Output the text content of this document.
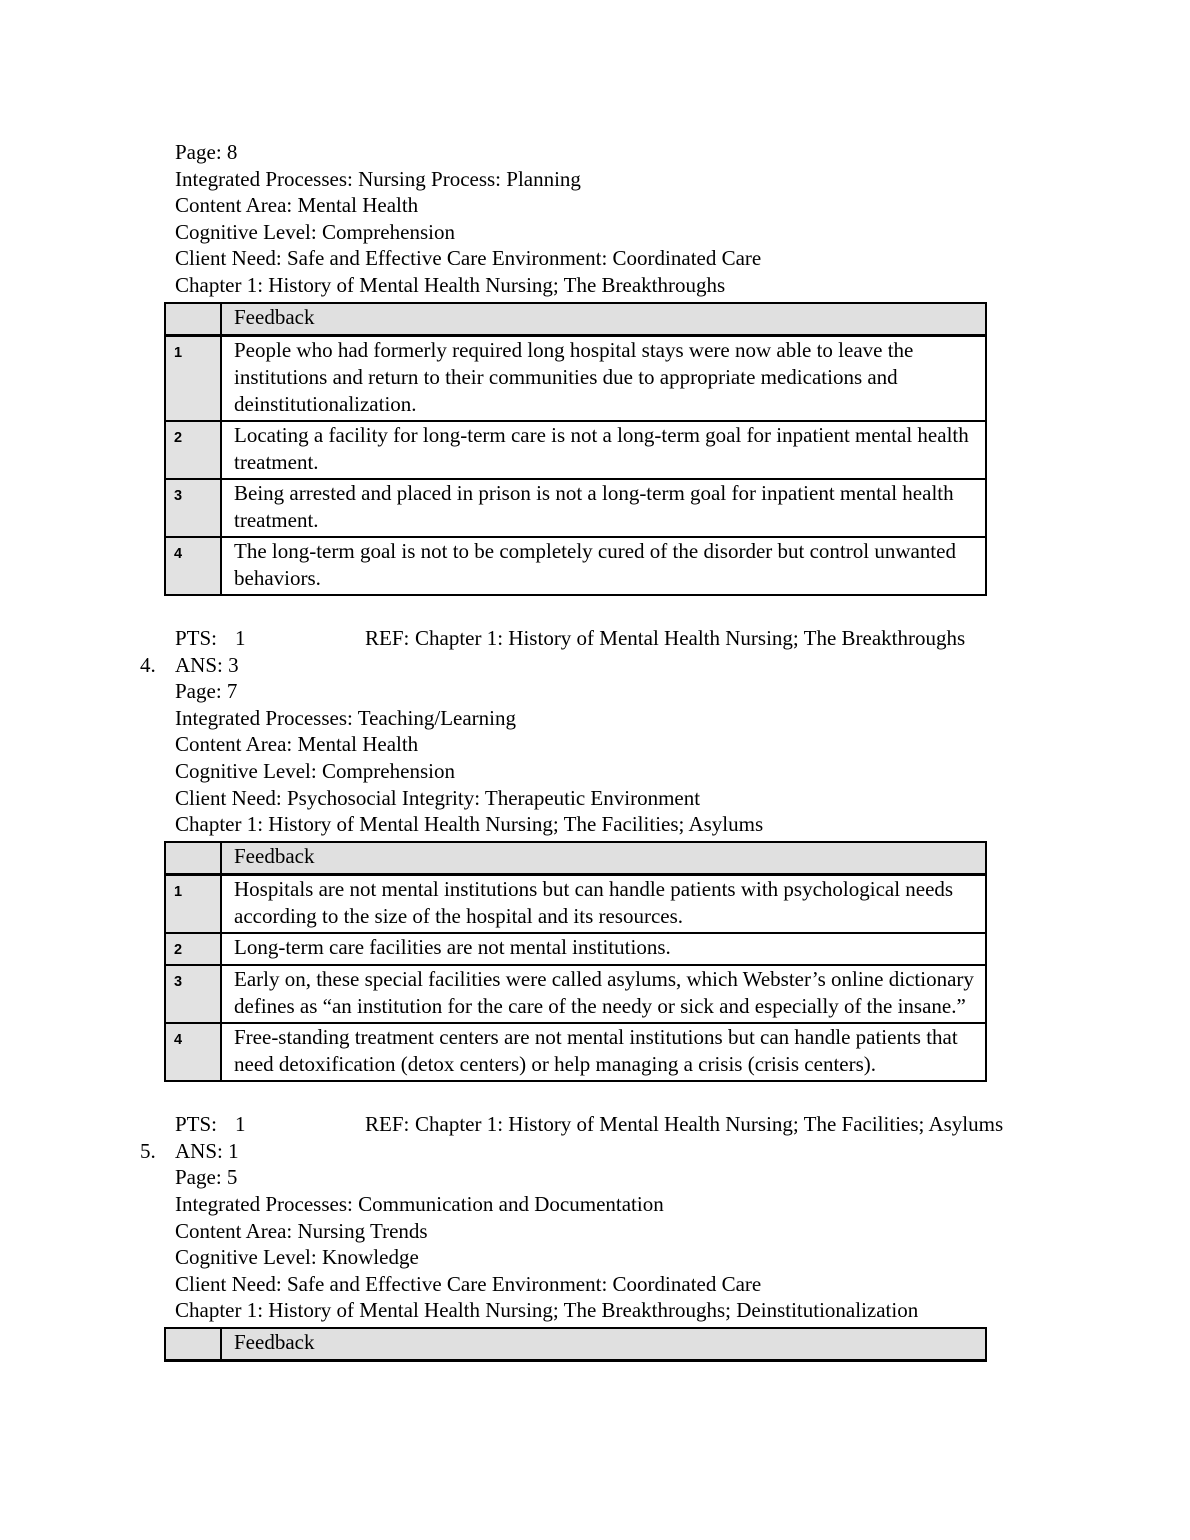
Page: 8
Integrated Processes: Nursing Process: Planning
Content Area: Mental Health
Cognitive Level: Comprehension
Client Need: Safe and Effective Care Environment: Coordinated Care
Chapter 1: History of Mental Health Nursing; The Breakthroughs
	Feedback
1	People who had formerly required long hospital stays were now able to leave the institutions and return to their communities due to appropriate medications and deinstitutionalization.
2	Locating a facility for long-term care is not a long-term goal for inpatient mental health treatment.
3	Being arrested and placed in prison is not a long-term goal for inpatient mental health treatment.
4	The long-term goal is not to be completely cured of the disorder but control unwanted behaviors.
PTS: 1	REF: Chapter 1: History of Mental Health Nursing; The Breakthroughs
4. ANS: 3
Page: 7
Integrated Processes: Teaching/Learning
Content Area: Mental Health
Cognitive Level: Comprehension
Client Need: Psychosocial Integrity: Therapeutic Environment
Chapter 1: History of Mental Health Nursing; The Facilities; Asylums
	Feedback
1	Hospitals are not mental institutions but can handle patients with psychological needs according to the size of the hospital and its resources.
2	Long-term care facilities are not mental institutions.
3	Early on, these special facilities were called asylums, which Webster’s online dictionary defines as “an institution for the care of the needy or sick and especially of the insane.”
4	Free-standing treatment centers are not mental institutions but can handle patients that need detoxification (detox centers) or help managing a crisis (crisis centers).
PTS: 1	REF: Chapter 1: History of Mental Health Nursing; The Facilities; Asylums
5. ANS: 1
Page: 5
Integrated Processes: Communication and Documentation
Content Area: Nursing Trends
Cognitive Level: Knowledge
Client Need: Safe and Effective Care Environment: Coordinated Care
Chapter 1: History of Mental Health Nursing; The Breakthroughs; Deinstitutionalization
	Feedback
